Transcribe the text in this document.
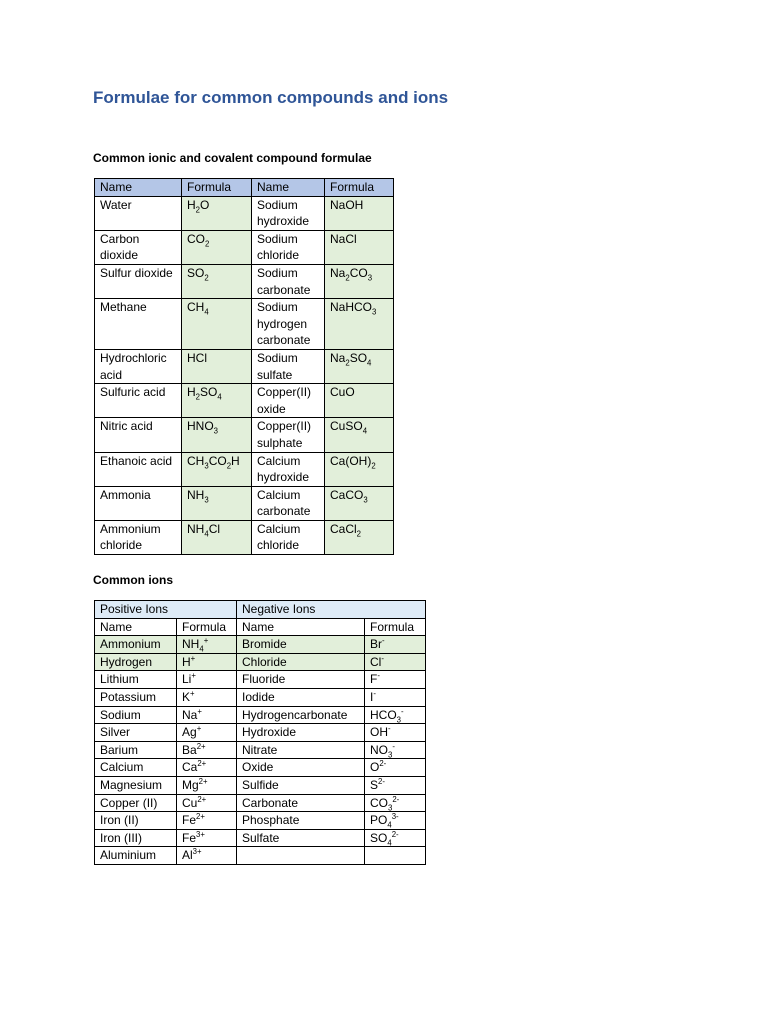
Formulae for common compounds and ions
Common ionic and covalent compound formulae
Name	Formula	Name	Formula
Water	$H_2O$	Sodium hydroxide	NaOH
Carbon dioxide	$CO_2$	Sodium chloride	NaCl
Sulfur dioxide	$SO_2$	Sodium carbonate	$Na_2CO_3$
Methane	$CH_4$	Sodium hydrogen carbonate	NaHCO$_3$
Hydrochloric acid	HCl	Sodium sulfate	$Na_2SO_4$
Sulfuric acid	$H_2SO_4$	Copper(II) oxide	CuO
Nitric acid	$HNO_3$	Copper(II) sulphate	CuSO$_4$
Ethanoic acid	$CH_3CO_2H$	Calcium hydroxide	$Ca(OH)_2$
Ammonia	$NH_3$	Calcium carbonate	CaCO$_3$
Ammonium chloride	$NH_4Cl$	Calcium chloride	CaCl$_2$
Common ions
Positive Ions		Negative Ions	
Name	Formula	Name	Formula
Ammonium	$NH_4^+$	Bromide	Br-
Hydrogen	H+	Chloride	Cl-
Lithium	Li+	Fluoride	F-
Potassium	K+	Iodide	I-
Sodium	Na+	Hydrogencarbonate	$HCO_3^-$
Silver	Ag+	Hydroxide	OH-
Barium	$Ba^{2+}$	Nitrate	$NO_3^-$
Calcium	$Ca^{2+}$	Oxide	$O^{2-}$
Magnesium	$Mg^{2+}$	Sulfide	$S^{2-}$
Copper (II)	$Cu^{2+}$	Carbonate	$CO_3^{2-}$
Iron (II)	$Fe^{2+}$	Phosphate	$PO_4^{3-}$
Iron (III)	$Fe^{3+}$	Sulfate	$SO_4^{2-}$
Aluminium	$Al^{3+}$		
